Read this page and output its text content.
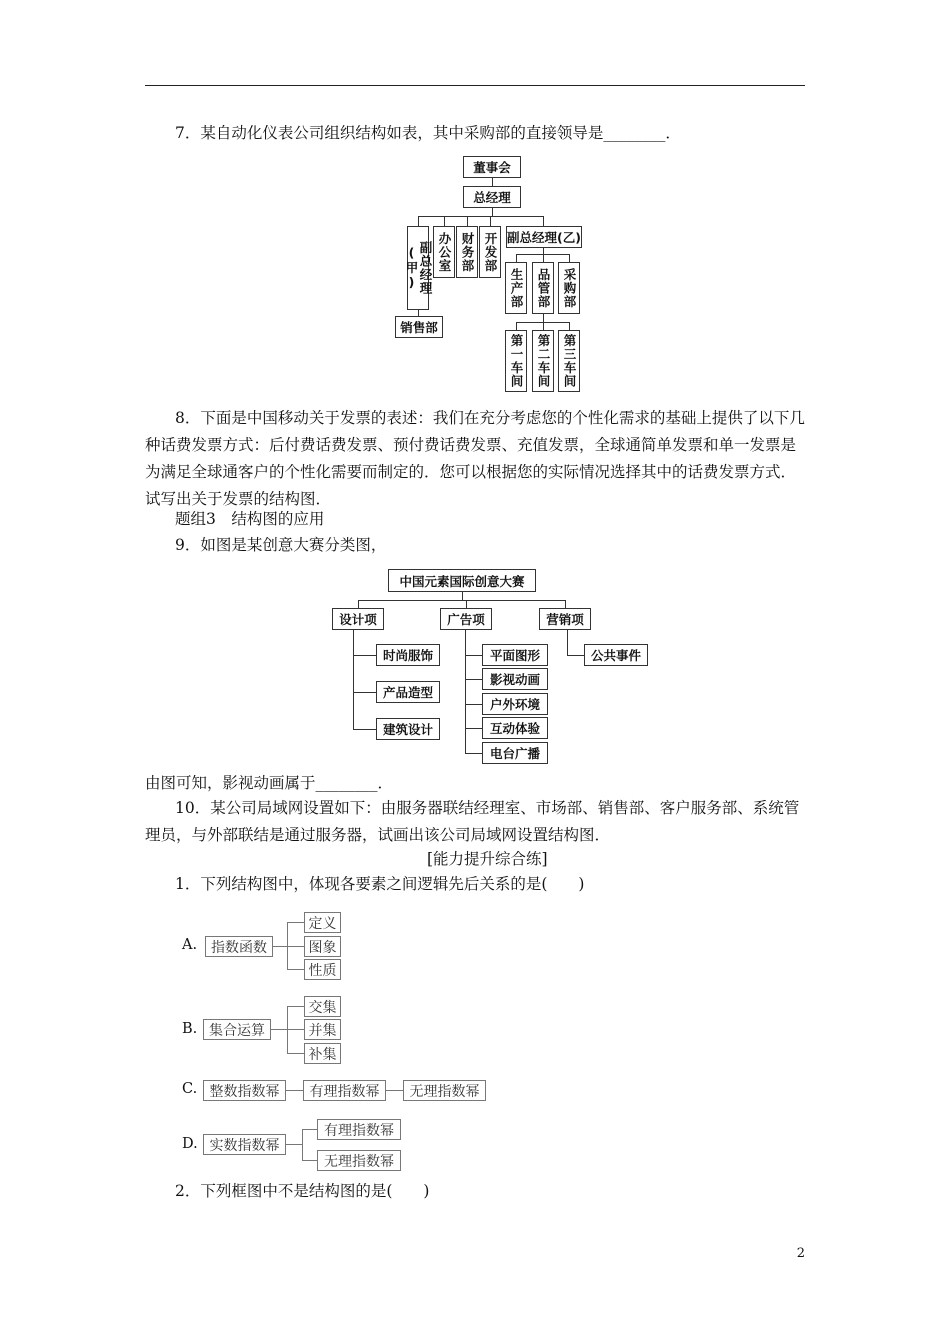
7．某自动化仪表公司组织结构如表，其中采购部的直接领导是________．
董事会
总经理
副总经理(甲)	办公室 财务部 开发部 副总经理(乙)
销售部
生产部 品管部 采购部
第一车间 第二车间 第三车间
8．下面是中国移动关于发票的表述：我们在充分考虑您的个性化需求的基础上提供了以下几种话费发票方式：后付费话费发票、预付费话费发票、充值发票，全球通简单发票和单一发票是为满足全球通客户的个性化需要而制定的．您可以根据您的实际情况选择其中的话费发票方式．试写出关于发票的结构图．
题组3　结构图的应用
9．如图是某创意大赛分类图，
中国元素国际创意大赛
设计项	广告项	营销项
时尚服饰
产品造型
建筑设计
平面图形
影视动画
户外环境
互动体验
电台广播
公共事件
由图可知，影视动画属于________．
10．某公司局域网设置如下：由服务器联结经理室、市场部、销售部、客户服务部、系统管理员，与外部联结是通过服务器，试画出该公司局域网设置结构图．
[能力提升综合练]
1．下列结构图中，体现各要素之间逻辑先后关系的是(　　)
A. 指数函数
定义
图象
性质
B. 集合运算
交集
并集
补集
C. 整数指数幂	有理指数幂	无理指数幂
D. 实数指数幂
有理指数幂
无理指数幂
2．下列框图中不是结构图的是(　　)
2
